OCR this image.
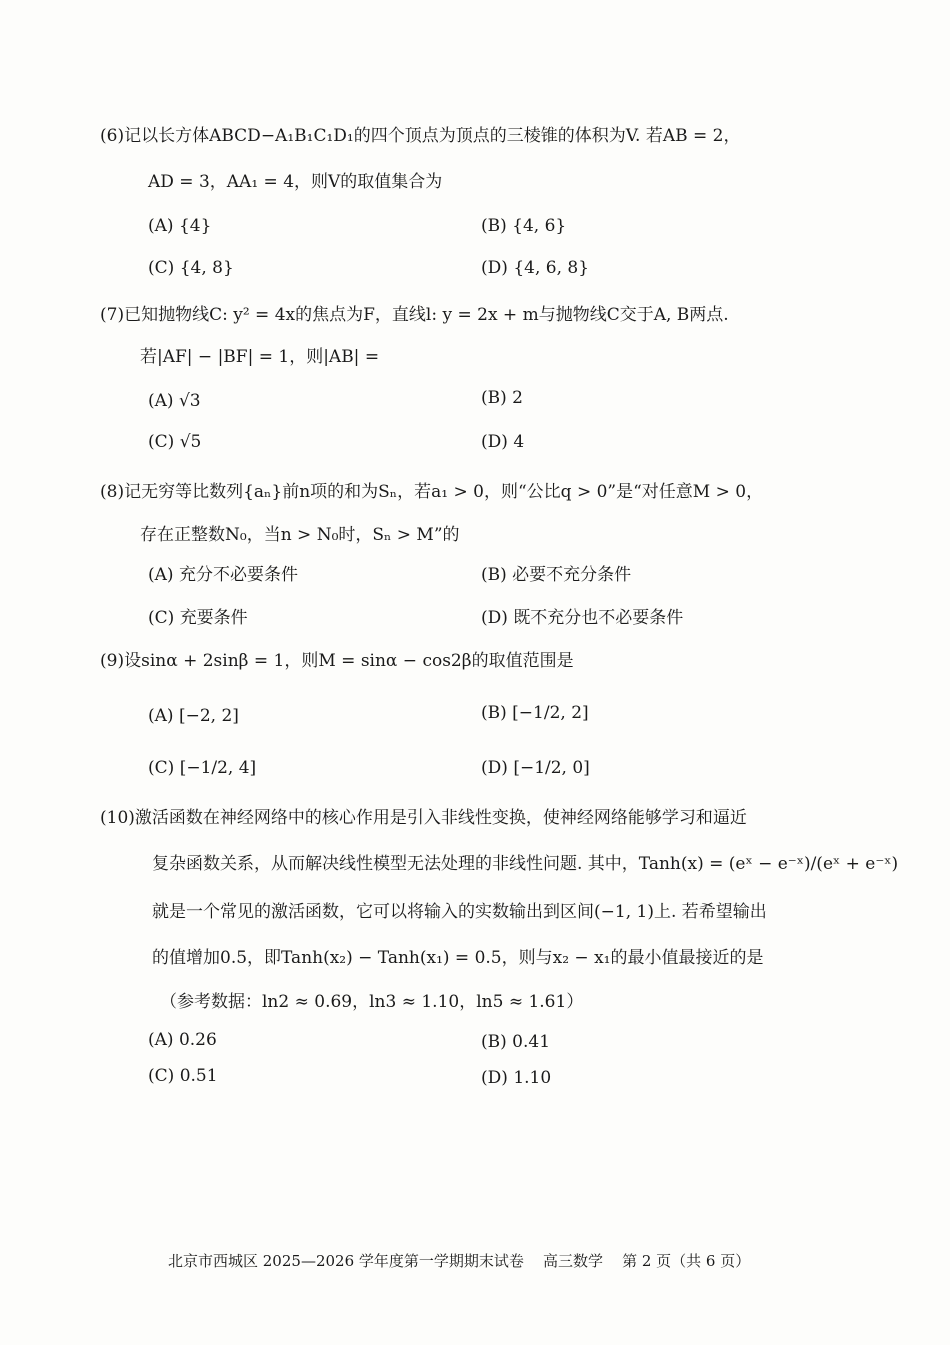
(6)记以长方体ABCD−A₁B₁C₁D₁的四个顶点为顶点的三棱锥的体积为V. 若AB = 2，
AD = 3，AA₁ = 4，则V的取值集合为
(A) {4}	(B) {4, 6}
(C) {4, 8}	(D) {4, 6, 8}
(7)已知抛物线C: y² = 4x的焦点为F，直线l: y = 2x + m与抛物线C交于A, B两点.
若|AF| − |BF| = 1，则|AB| =
(A) √3	(B) 2
(C) √5	(D) 4
(8)记无穷等比数列{aₙ}前n项的和为Sₙ，若a₁ > 0，则“公比q > 0”是“对任意M > 0，
存在正整数N₀，当n > N₀时，Sₙ > M”的
(A) 充分不必要条件	(B) 必要不充分条件
(C) 充要条件	(D) 既不充分也不必要条件
(9)设sinα + 2sinβ = 1，则M = sinα − cos2β的取值范围是
(A) [−2, 2]	(B) [−1/2, 2]
(C) [−1/2, 4]	(D) [−1/2, 0]
(10)激活函数在神经网络中的核心作用是引入非线性变换，使神经网络能够学习和逼近
复杂函数关系，从而解决线性模型无法处理的非线性问题. 其中，Tanh(x) = (eˣ − e⁻ˣ)/(eˣ + e⁻ˣ)
就是一个常见的激活函数，它可以将输入的实数输出到区间(−1, 1)上. 若希望输出
的值增加0.5，即Tanh(x₂) − Tanh(x₁) = 0.5，则与x₂ − x₁的最小值最接近的是
（参考数据：ln2 ≈ 0.69，ln3 ≈ 1.10，ln5 ≈ 1.61）
(A) 0.26	(B) 0.41
(C) 0.51	(D) 1.10
北京市西城区 2025—2026 学年度第一学期期末试卷 高三数学 第 2 页（共 6 页）
